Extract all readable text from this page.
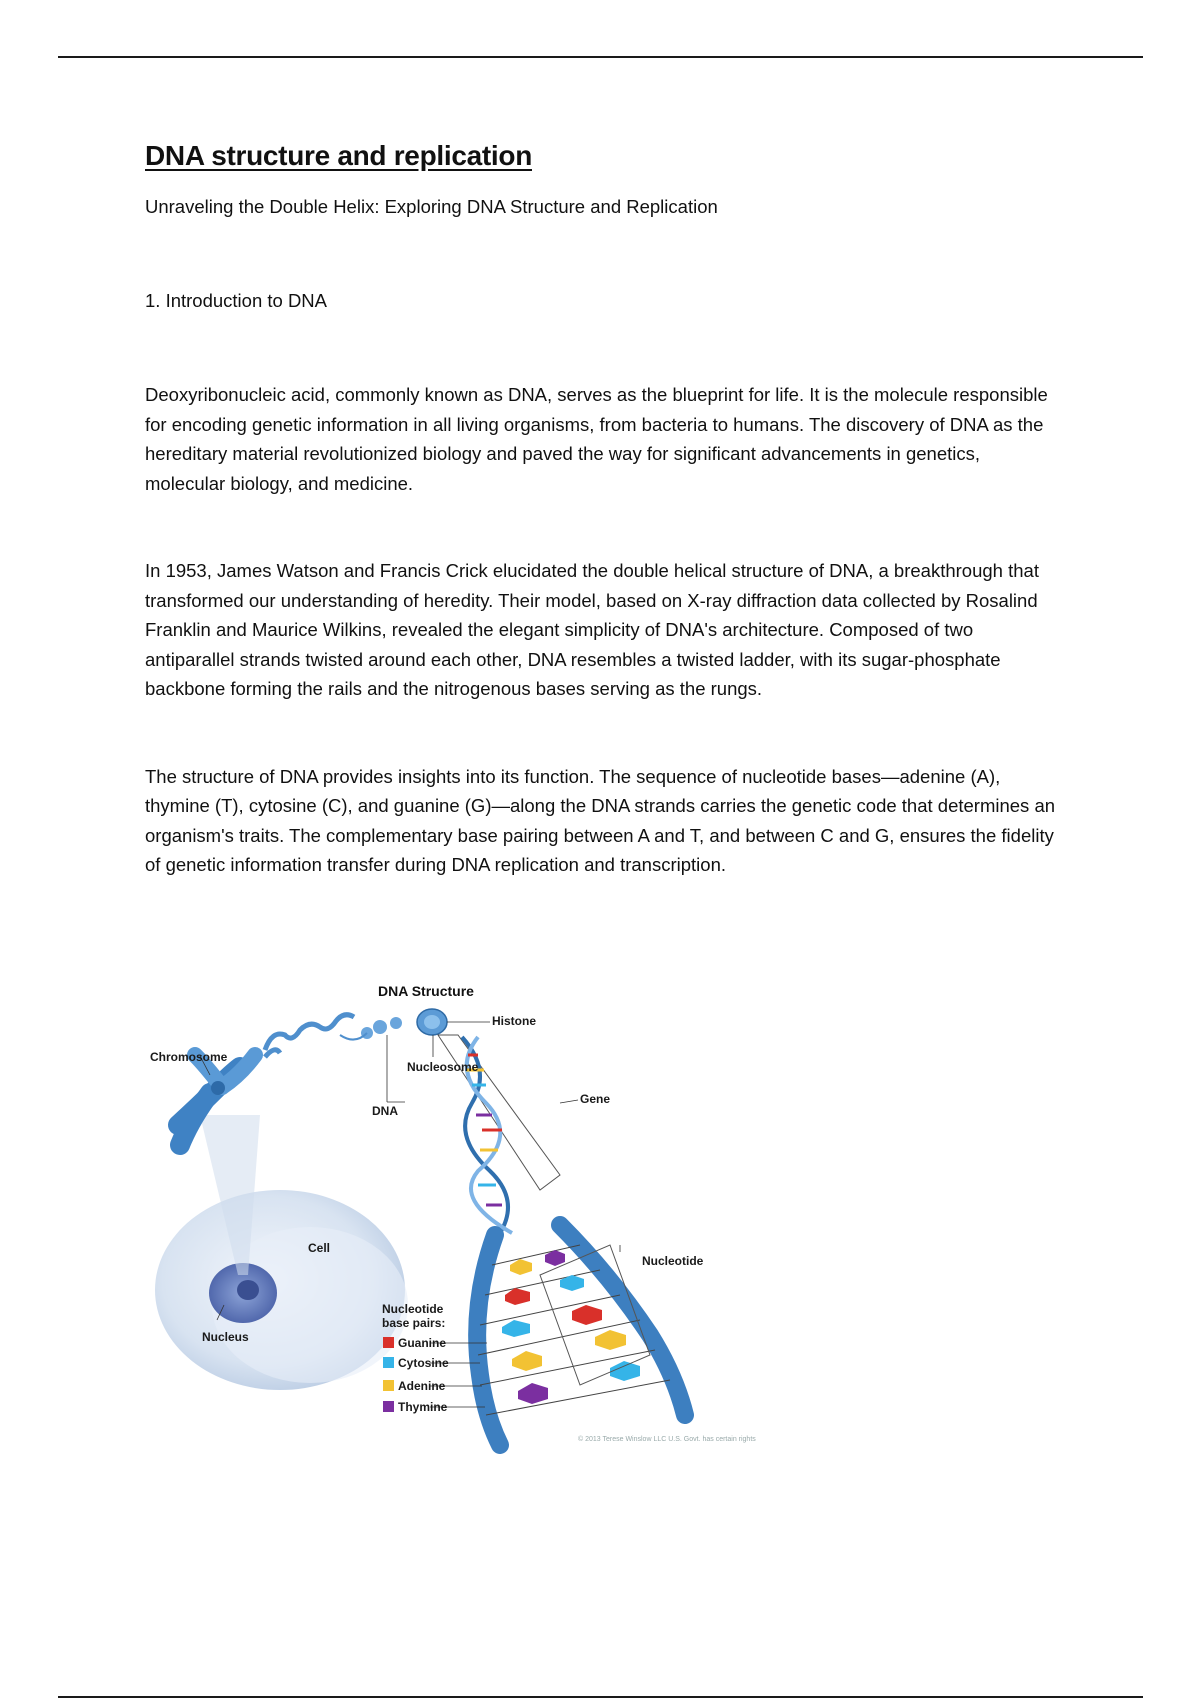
DNA structure and replication
Unraveling the Double Helix: Exploring DNA Structure and Replication
1. Introduction to DNA

Deoxyribonucleic acid, commonly known as DNA, serves as the blueprint for life. It is the molecule responsible for encoding genetic information in all living organisms, from bacteria to humans. The discovery of DNA as the hereditary material revolutionized biology and paved the way for significant advancements in genetics, molecular biology, and medicine.

In 1953, James Watson and Francis Crick elucidated the double helical structure of DNA, a breakthrough that transformed our understanding of heredity. Their model, based on X-ray diffraction data collected by Rosalind Franklin and Maurice Wilkins, revealed the elegant simplicity of DNA's architecture. Composed of two antiparallel strands twisted around each other, DNA resembles a twisted ladder, with its sugar-phosphate backbone forming the rails and the nitrogenous bases serving as the rungs.

The structure of DNA provides insights into its function. The sequence of nucleotide bases—adenine (A), thymine (T), cytosine (C), and guanine (G)—along the DNA strands carries the genetic code that determines an organism's traits. The complementary base pairing between A and T, and between C and G, ensures the fidelity of genetic information transfer during DNA replication and transcription.

DNA Structure
Chromosome
Histone
Nucleosome
DNA
Gene
Cell
Nucleus
Nucleotide
Nucleotide
base pairs:
Guanine
Cytosine
Adenine
Thymine
© 2013 Terese Winslow LLC U.S. Govt. has certain rights
